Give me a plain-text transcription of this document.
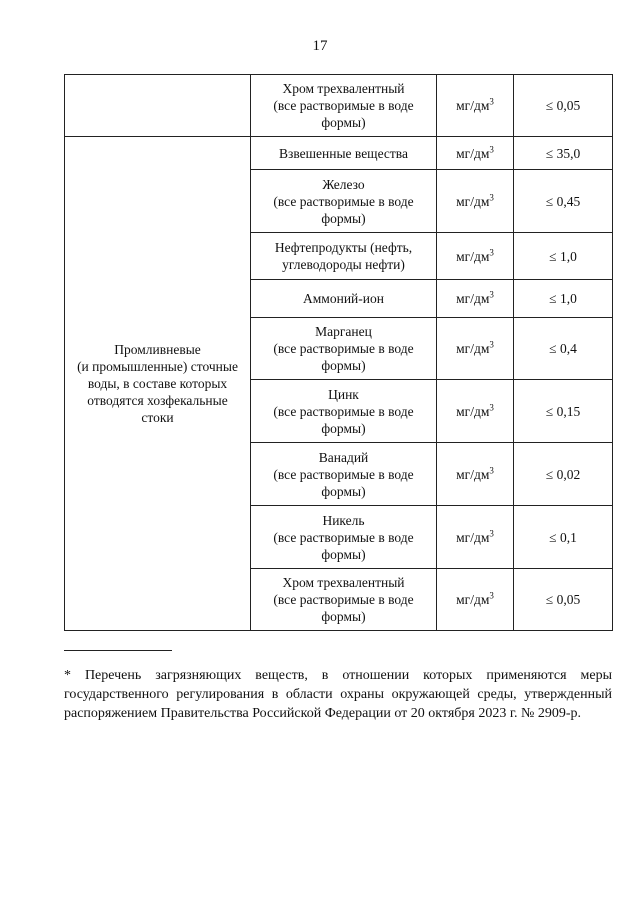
17
	Хром трехвалентный
(все растворимые в воде
формы)	$мг/дм^3$	≤ 0,05
Промливневые
(и промышленные) сточные
воды, в составе которых
отводятся хозфекальные
стоки	Взвешенные вещества	$мг/дм^3$	≤ 35,0
	Железо
(все растворимые в воде
формы)	$мг/дм^3$	≤ 0,45
	Нефтепродукты (нефть,
углеводороды нефти)	$мг/дм^3$	≤ 1,0
	Аммоний-ион	$мг/дм^3$	≤ 1,0
	Марганец
(все растворимые в воде
формы)	$мг/дм^3$	≤ 0,4
	Цинк
(все растворимые в воде
формы)	$мг/дм^3$	≤ 0,15
	Ванадий
(все растворимые в воде
формы)	$мг/дм^3$	≤ 0,02
	Никель
(все растворимые в воде
формы)	$мг/дм^3$	≤ 0,1
	Хром трехвалентный
(все растворимые в воде
формы)	$мг/дм^3$	≤ 0,05
* Перечень загрязняющих веществ, в отношении которых применяются меры государственного регулирования в области охраны окружающей среды, утвержденный распоряжением Правительства Российской Федерации от 20 октября 2023 г. № 2909-р.
